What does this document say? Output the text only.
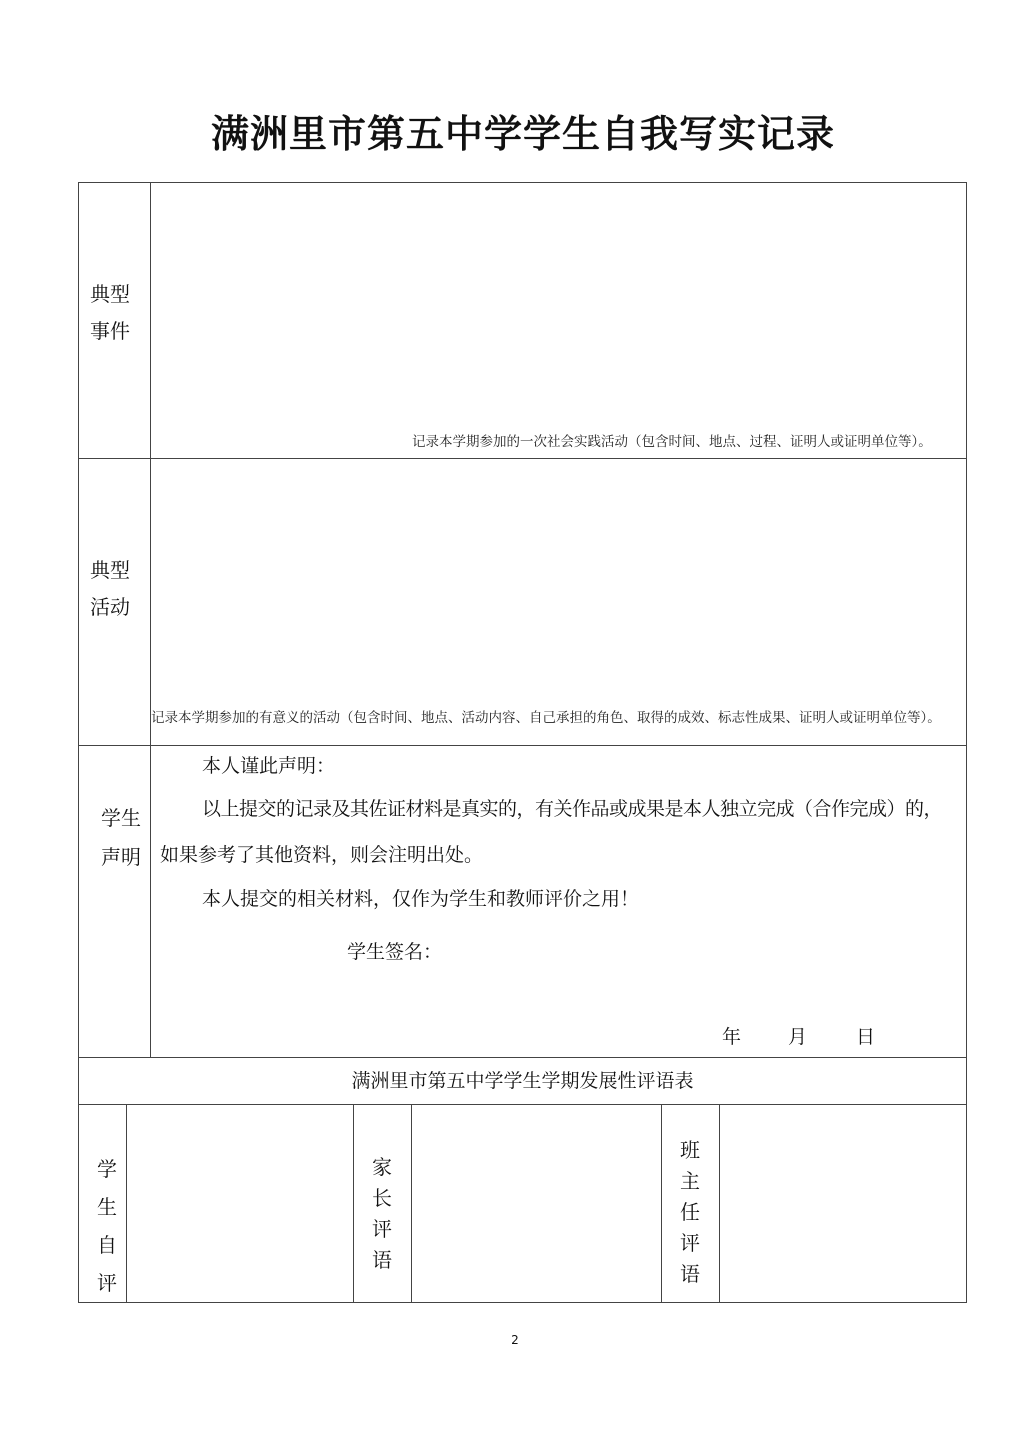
满洲里市第五中学学生自我写实记录
典型
事件
记录本学期参加的一次社会实践活动（包含时间、地点、过程、证明人或证明单位等）。
典型
活动
记录本学期参加的有意义的活动（包含时间、地点、活动内容、自己承担的角色、取得的成效、标志性成果、证明人或证明单位等）。
学生
声明
本人谨此声明：
以上提交的记录及其佐证材料是真实的，有关作品或成果是本人独立完成（合作完成）的，
如果参考了其他资料，则会注明出处。
本人提交的相关材料，仅作为学生和教师评价之用！
学生签名：
年 月	日
满洲里市第五中学学生学期发展性评语表
学
生
自
评
家
长
评
语
班
主
任
评
语
2
